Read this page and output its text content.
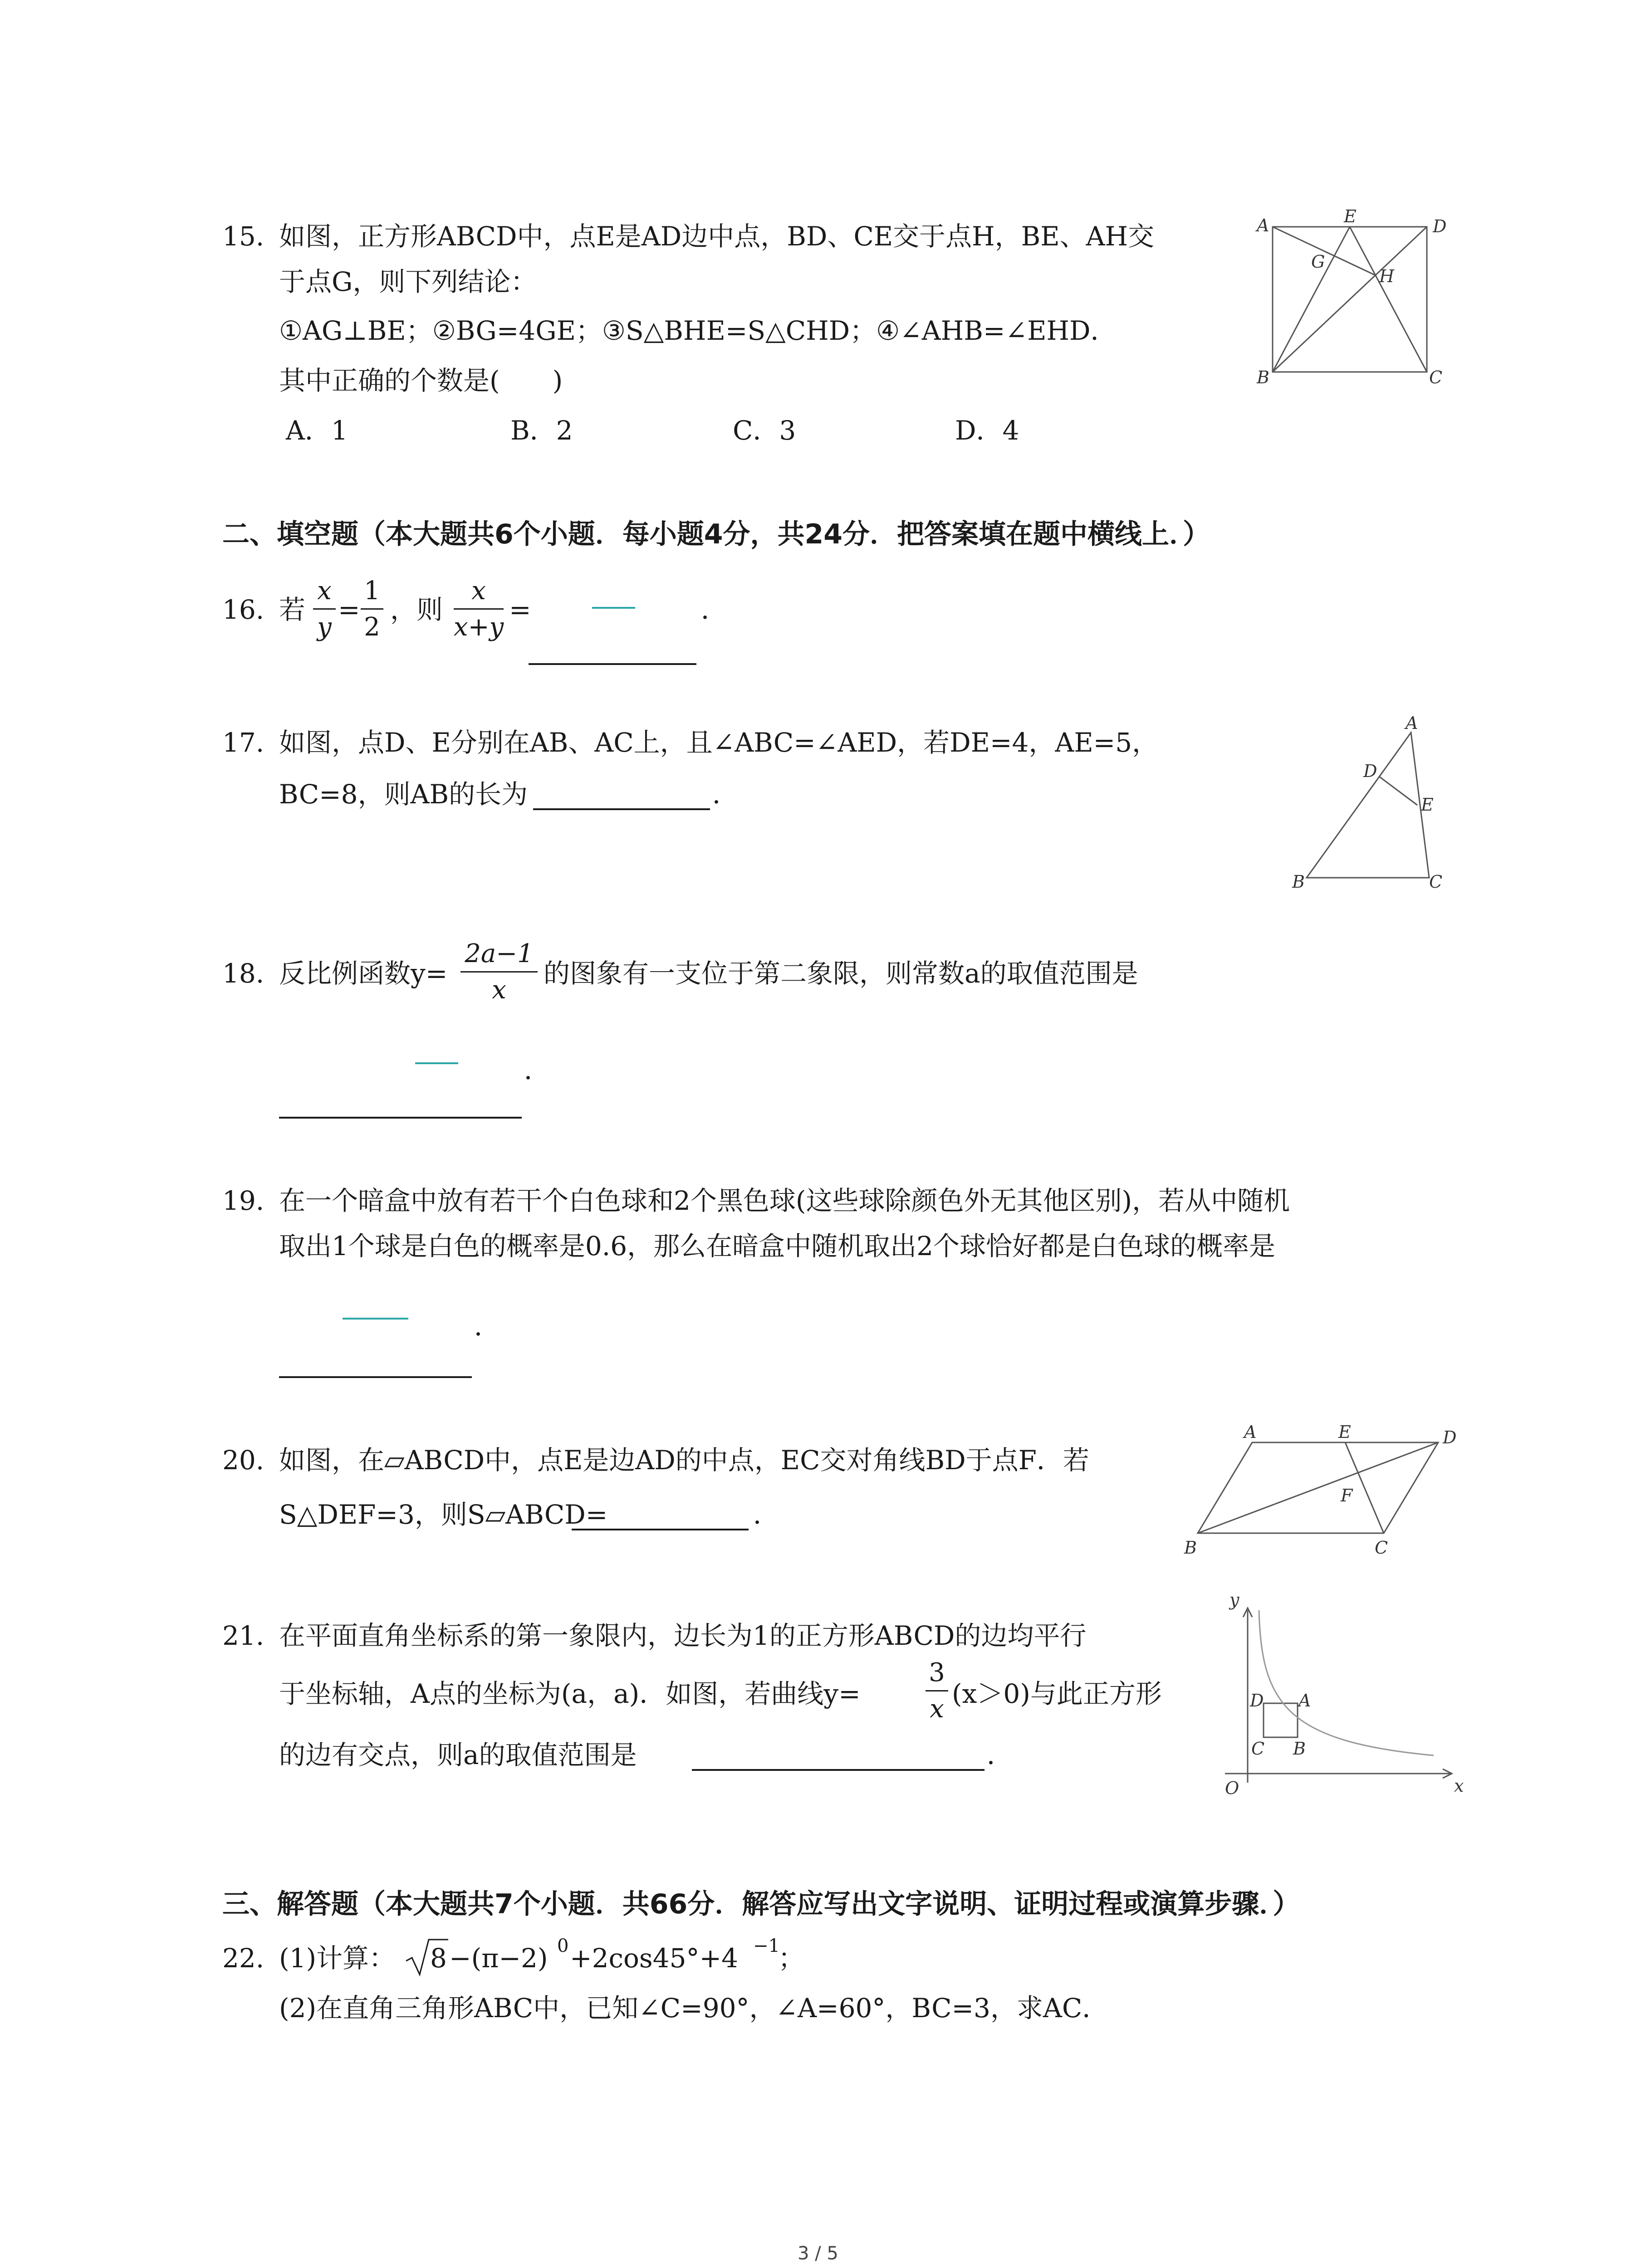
15. 如图，正方形ABCD中，点E是AD边中点，BD、CE交于点H，BE、AH交
于点G，则下列结论：
①AG⊥BE；②BG=4GE；③S△BHE=S△CHD；④∠AHB=∠EHD．
其中正确的个数是(　　)
A．1	B．2	C．3	D．4
A	E	D
G
H
B	C
二、填空题（本大题共6个小题．每小题4分，共24分．把答案填在题中横线上．）
16. 若
x
y
=
1
2
，则
x
x+y
=	．
17. 如图，点D、E分别在AB、AC上，且∠ABC=∠AED，若DE=4，AE=5，
BC=8，则AB的长为	．
A
D
E
B	C
18. 反比例函数y=
2a−1
x
的图象有一支位于第二象限，则常数a的取值范围是
．
19. 在一个暗盒中放有若干个白色球和2个黑色球(这些球除颜色外无其他区别)，若从中随机
取出1个球是白色的概率是0.6，那么在暗盒中随机取出2个球恰好都是白色球的概率是
．
20. 如图，在▱ABCD中，点E是边AD的中点，EC交对角线BD于点F．若
S△DEF=3，则S▱ABCD=	．
A	E	D
F
B	C
21. 在平面直角坐标系的第一象限内，边长为1的正方形ABCD的边均平行
于坐标轴，A点的坐标为(a，a)．如图，若曲线y=
3
x (x＞0)与此正方形
的边有交点，则a的取值范围是	．
y
x
O
D A
C B
三、解答题（本大题共7个小题．共66分．解答应写出文字说明、证明过程或演算步骤．）
22. (1)计算： 8 −(π−2) 0 +2cos45°+4 −1
；
(2)在直角三角形ABC中，已知∠C=90°，∠A=60°，BC=3，求AC．
3 / 5
